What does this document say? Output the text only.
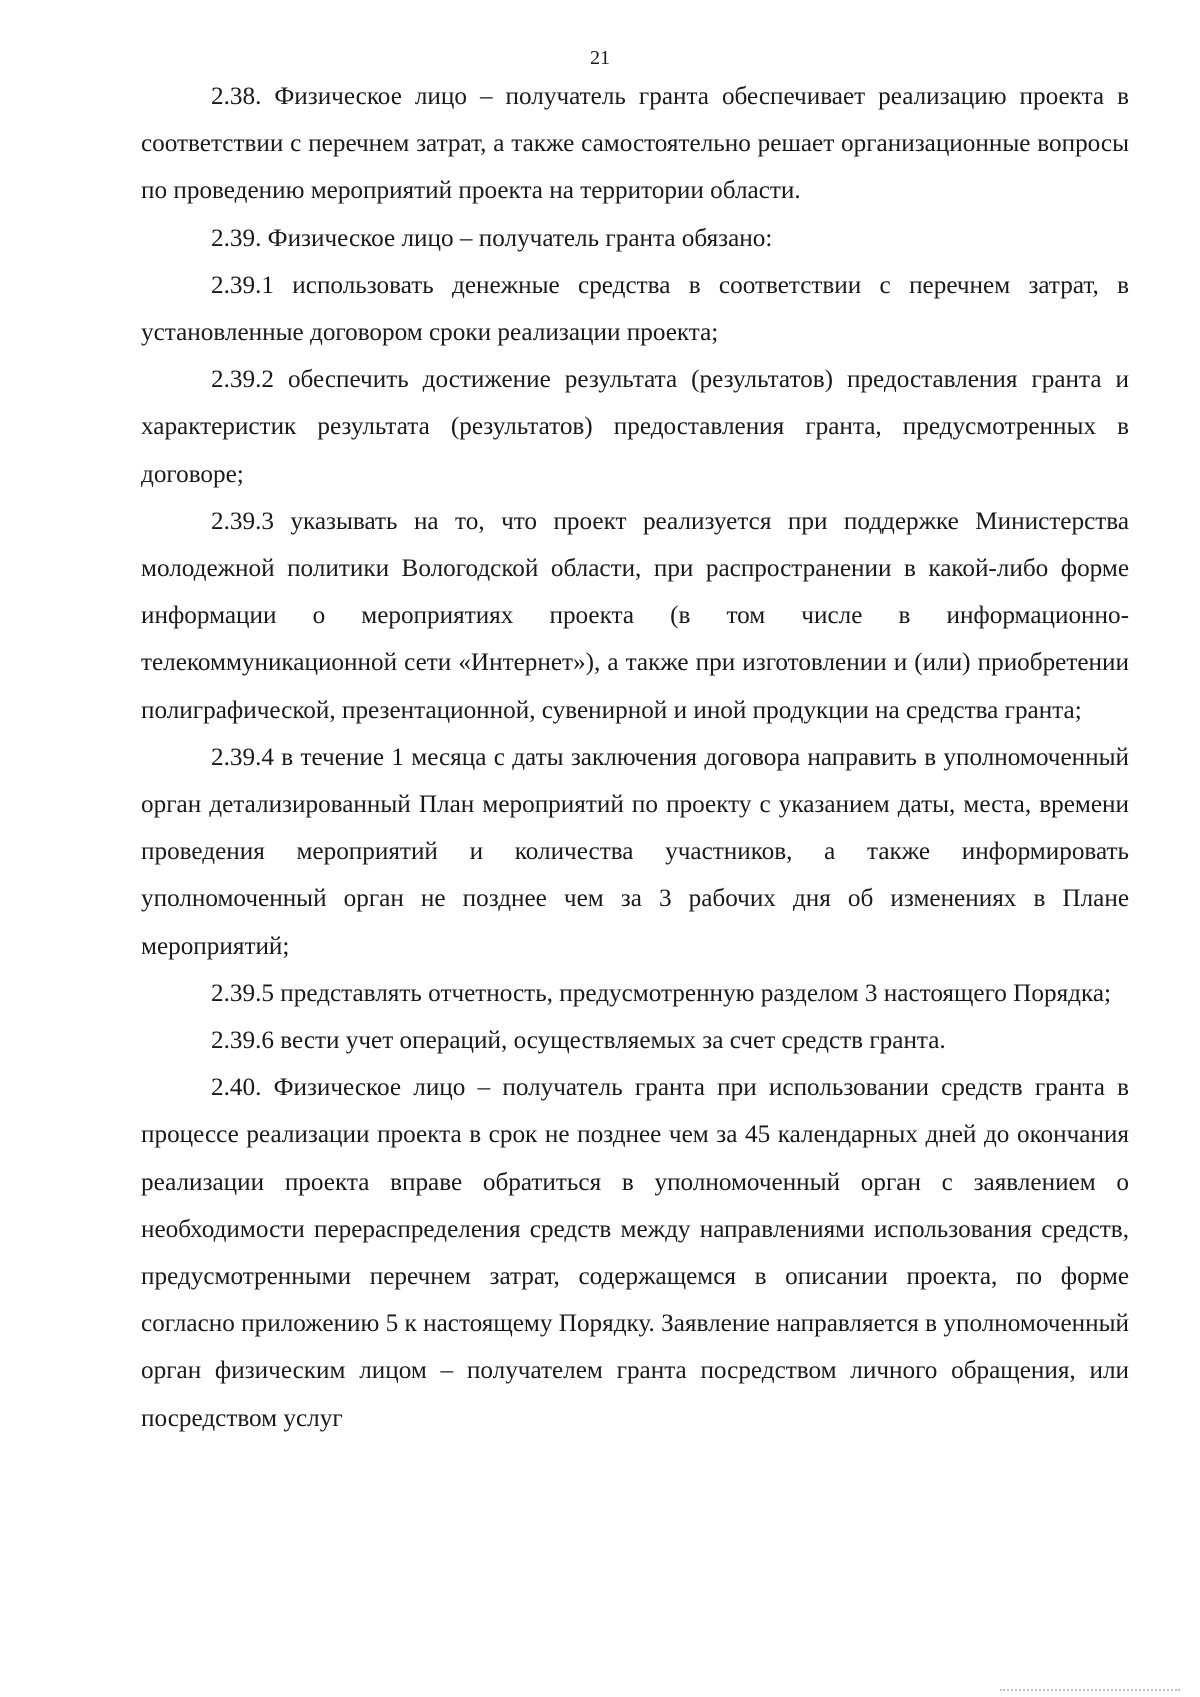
21

2.38. Физическое лицо – получатель гранта обеспечивает реализацию проекта в соответствии с перечнем затрат, а также самостоятельно решает организационные вопросы по проведению мероприятий проекта на территории области.

2.39. Физическое лицо – получатель гранта обязано:

2.39.1 использовать денежные средства в соответствии с перечнем затрат, в установленные договором сроки реализации проекта;

2.39.2 обеспечить достижение результата (результатов) предоставления гранта и характеристик результата (результатов) предоставления гранта, предусмотренных в договоре;

2.39.3 указывать на то, что проект реализуется при поддержке Министерства молодежной политики Вологодской области, при распространении в какой-либо форме информации о мероприятиях проекта (в том числе в информационно-телекоммуникационной сети «Интернет»), а также при изготовлении и (или) приобретении полиграфической, презентационной, сувенирной и иной продукции на средства гранта;

2.39.4 в течение 1 месяца с даты заключения договора направить в уполномоченный орган детализированный План мероприятий по проекту с указанием даты, места, времени проведения мероприятий и количества участников, а также информировать уполномоченный орган не позднее чем за 3 рабочих дня об изменениях в Плане мероприятий;

2.39.5 представлять отчетность, предусмотренную разделом 3 настоящего Порядка;

2.39.6 вести учет операций, осуществляемых за счет средств гранта.

2.40. Физическое лицо – получатель гранта при использовании средств гранта в процессе реализации проекта в срок не позднее чем за 45 календарных дней до окончания реализации проекта вправе обратиться в уполномоченный орган с заявлением о необходимости перераспределения средств между направлениями использования средств, предусмотренными перечнем затрат, содержащемся в описании проекта, по форме согласно приложению 5 к настоящему Порядку. Заявление направляется в уполномоченный орган физическим лицом – получателем гранта посредством личного обращения, или посредством услуг
